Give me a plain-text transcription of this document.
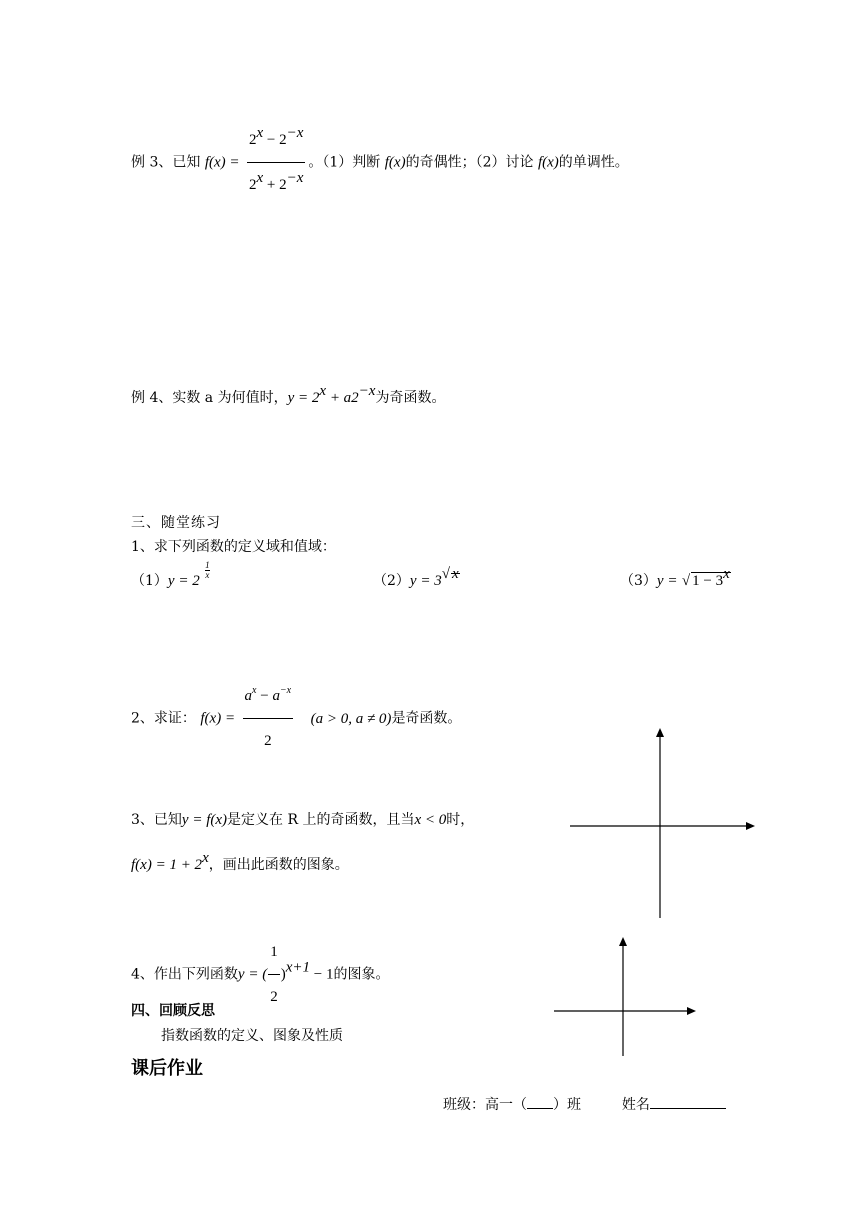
例 3、已知 $f(x) = \frac{2^x - 2^{-x}}{2^x + 2^{-x}}$ 。（1）判断 f(x)的奇偶性；（2）讨论 f(x)的单调性。
例 4、实数 a 为何值时，$y = 2^x + a2^{-x}$为奇函数。
三、随堂练习
1、求下列函数的定义域和值域：
（1）y = 2
$\frac{1}{x}$
$(2)y = 3^{√ x}$	（3）y = √ $1 - 3^x$
2、求证： $f(x) = \frac{a^x - a^{-x}}{2} (a > 0$, a ≠ 0)是奇函数。
3、已知y = f(x)是定义在 R 上的奇函数，且当x < 0时，
$f(x) = 1 + 2^x$，画出此函数的图象。
4、作出下列函数y = ( $\frac{1}{2} )^{x+1} - 1$的图象。
四、回顾反思
指数函数的定义、图象及性质
课后作业
班级：高一（ ）班	姓名
